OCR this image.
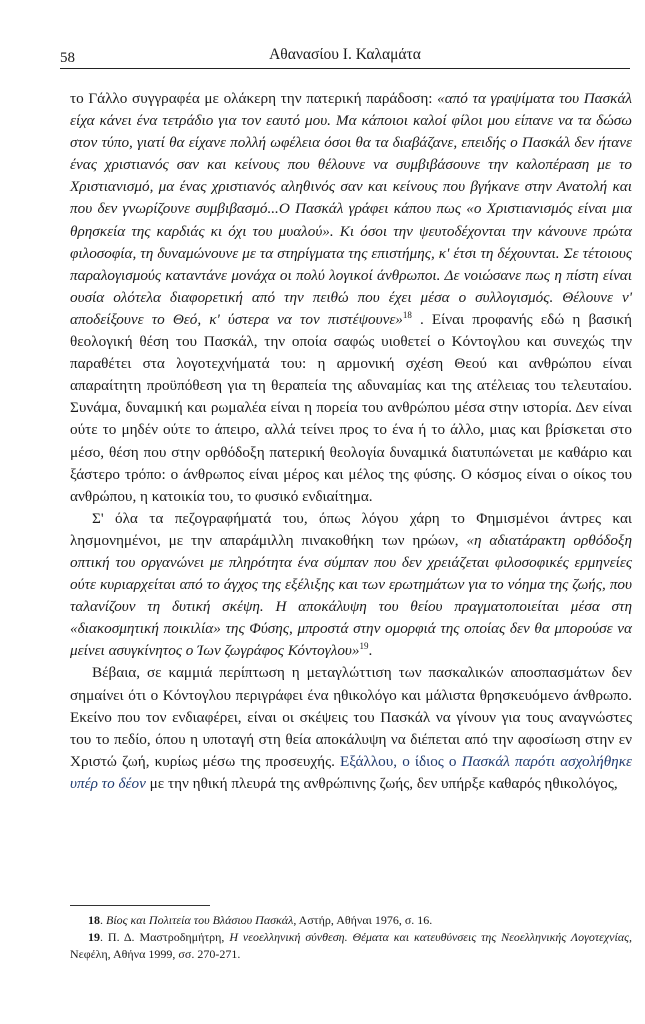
58	Αθανασίου Ι. Καλαμάτα

το Γάλλο συγγραφέα με ολάκερη την πατερική παράδοση: «από τα γραψίματα του Πασκάλ είχα κάνει ένα τετράδιο για τον εαυτό μου. Μα κάποιοι καλοί φίλοι μου είπανε να τα δώσω στον τύπο, γιατί θα είχανε πολλή ωφέλεια όσοι θα τα διαβάζανε, επειδής ο Πασκάλ δεν ήτανε ένας χριστιανός σαν και κείνους που θέλουνε να συμβιβάσουνε την καλοπέραση με το Χριστιανισμό, μα ένας χριστιανός αληθινός σαν και κείνους που βγήκανε στην Ανατολή και που δεν γνωρίζουνε συμβιβασμό...Ο Πασκάλ γράφει κάπου πως «ο Χριστιανισμός είναι μια θρησκεία της καρδιάς κι όχι του μυαλού». Κι όσοι την ψευτοδέχονται την κάνουνε πρώτα φιλοσοφία, τη δυναμώνουνε με τα στηρίγματα της επιστήμης, κ' έτσι τη δέχουνται. Σε τέτοιους παραλογισμούς καταντάνε μονάχα οι πολύ λογικοί άνθρωποι. Δε νοιώσανε πως η πίστη είναι ουσία ολότελα διαφορετική από την πειθώ που έχει μέσα ο συλλογισμός. Θέλουνε ν' αποδείξουνε το Θεό, κ' ύστερα να τον πιστέψουνε»$^{18}$ . Είναι προφανής εδώ η βασική θεολογική θέση του Πασκάλ, την οποία σαφώς υιοθετεί ο Κόντογλου και συνεχώς την παραθέτει στα λογοτεχνήματά του: η αρμονική σχέση Θεού και ανθρώπου είναι απαραίτητη προϋπόθεση για τη θεραπεία της αδυναμίας και της ατέλειας του τελευταίου. Συνάμα, δυναμική και ρωμαλέα είναι η πορεία του ανθρώπου μέσα στην ιστορία. Δεν είναι ούτε το μηδέν ούτε το άπειρο, αλλά τείνει προς το ένα ή το άλλο, μιας και βρίσκεται στο μέσο, θέση που στην ορθόδοξη πατερική θεολογία δυναμικά διατυπώνεται με καθάριο και ξάστερο τρόπο: ο άνθρωπος είναι μέρος και μέλος της φύσης. Ο κόσμος είναι ο οίκος του ανθρώπου, η κατοικία του, το φυσικό ενδιαίτημα.

Σ' όλα τα πεζογραφήματά του, όπως λόγου χάρη το Φημισμένοι άντρες και λησμονημένοι, με την απαράμιλλη πινακοθήκη των ηρώων, «η αδιατάρακτη ορθόδοξη οπτική του οργανώνει με πληρότητα ένα σύμπαν που δεν χρειάζεται φιλοσοφικές ερμηνείες ούτε κυριαρχείται από το άγχος της εξέλιξης και των ερωτημάτων για το νόημα της ζωής, που ταλανίζουν τη δυτική σκέψη. Η αποκάλυψη του θείου πραγματοποιείται μέσα στη «διακοσμητική ποικιλία» της Φύσης, μπροστά στην ομορφιά της οποίας δεν θα μπορούσε να μείνει ασυγκίνητος ο Ίων ζωγράφος Κόντογλου»$^{19}$.

Βέβαια, σε καμμιά περίπτωση η μεταγλώττιση των πασκαλικών αποσπασμάτων δεν σημαίνει ότι ο Κόντογλου περιγράφει ένα ηθικολόγο και μάλιστα θρησκευόμενο άνθρωπο. Εκείνο που τον ενδιαφέρει, είναι οι σκέψεις του Πασκάλ να γίνουν για τους αναγνώστες του το πεδίο, όπου η υποταγή στη θεία αποκάλυψη να διέπεται από την αφοσίωση στην εν Χριστώ ζωή, κυρίως μέσω της προσευχής. Εξάλλου, ο ίδιος ο Πασκάλ παρότι ασχολήθηκε υπέρ το δέον με την ηθική πλευρά της ανθρώπινης ζωής, δεν υπήρξε καθαρός ηθικολόγος,

18. Βίος και Πολιτεία του Βλάσιου Πασκάλ, Αστήρ, Αθήναι 1976, σ. 16.
19. Π. Δ. Μαστροδημήτρη, Η νεοελληνική σύνθεση. Θέματα και κατευθύνσεις της Νεοελληνικής Λογοτεχνίας, Νεφέλη, Αθήνα 1999, σσ. 270-271.
